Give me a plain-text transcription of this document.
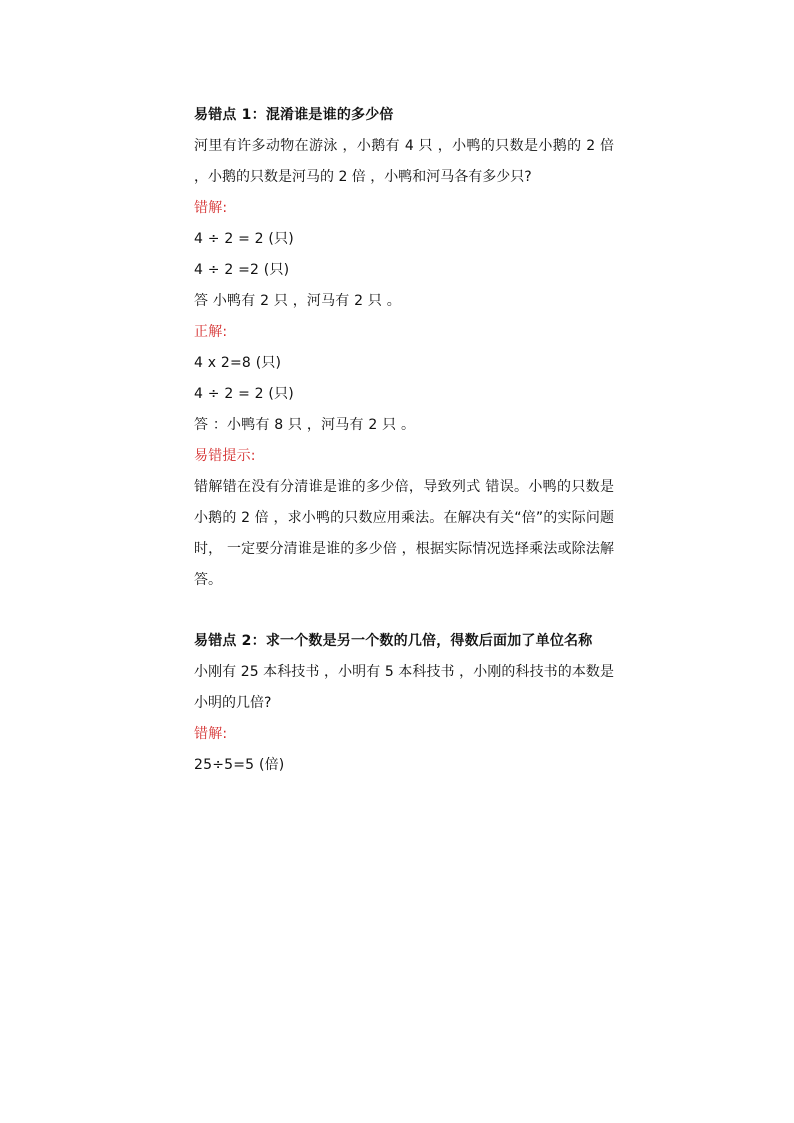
易错点 1：混淆谁是谁的多少倍
河里有许多动物在游泳 ，小鹅有 4 只 ，小鸭的只数是小鹅的 2 倍 ，小鹅的只数是河马的 2 倍 ，小鸭和河马各有多少只?
错解:
4 ÷ 2 = 2 (只)
4 ÷ 2 =2 (只)
答 小鸭有 2 只 ，河马有 2 只 。
正解:
4 x 2=8 (只)
4 ÷ 2 = 2 (只)
答 ：小鸭有 8 只 ，河马有 2 只 。
易错提示:
错解错在没有分清谁是谁的多少倍，导致列式 错误。小鸭的只数是小鹅的 2 倍 ，求小鸭的只数应用乘法。在解决有关“倍”的实际问题时， 一定要分清谁是谁的多少倍 ，根据实际情况选择乘法或除法解答。
易错点 2：求一个数是另一个数的几倍，得数后面加了单位名称
小刚有 25 本科技书 ，小明有 5 本科技书 ，小刚的科技书的本数是小明的几倍?
错解:
25÷5=5 (倍)
